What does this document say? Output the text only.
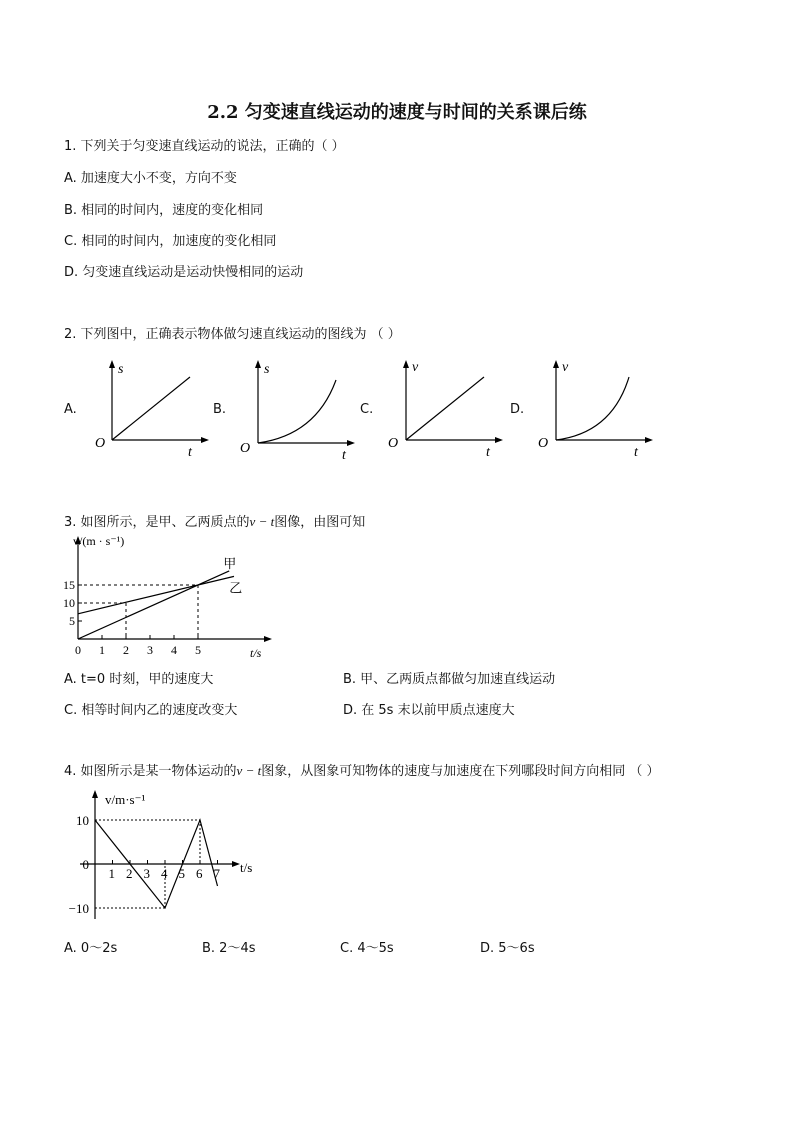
2.2 匀变速直线运动的速度与时间的关系课后练
1. 下列关于匀变速直线运动的说法，正确的（ ）
A. 加速度大小不变，方向不变
B. 相同的时间内，速度的变化相同
C. 相同的时间内，加速度的变化相同
D. 匀变速直线运动是运动快慢相同的运动
2. 下列图中，正确表示物体做匀速直线运动的图线为 （ ）
A.
s
t
O
B.
s
t
O
C.
v
t
O
D.
v
t
O
3. 如图所示，是甲、乙两质点的v − t图像，由图可知
0 1 2 3 4 5
5
10
15
甲
乙
v/(m · s⁻¹)
t/s
A. t=0 时刻，甲的速度大	B. 甲、乙两质点都做匀加速直线运动
C. 相等时间内乙的速度改变大	D. 在 5s 末以前甲质点速度大
4. 如图所示是某一物体运动的v − t图象，从图象可知物体的速度与加速度在下列哪段时间方向相同 （ ）
1 2 3 4 5 6 7
10
0
−10
v/m·s⁻¹
t/s
A. 0～2s	B. 2～4s	C. 4～5s	D. 5～6s
